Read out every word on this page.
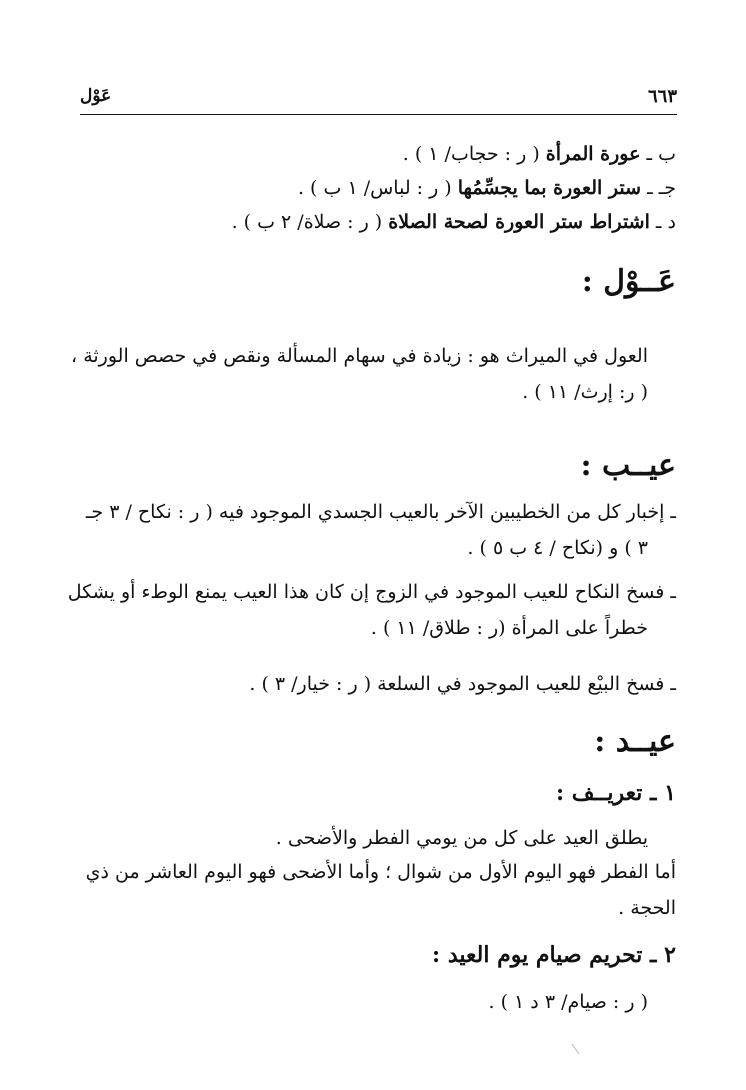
٦٦٣
عَوْل
ب ـ عورة المرأة ( ر : حجاب/ ١ ) .
جـ ـ ستر العورة بما يجسِّمُها ( ر : لباس/ ١ ب ) .
د ـ اشتراط ستر العورة لصحة الصلاة ( ر : صلاة/ ٢ ب ) .
عَــوْل :
العول في الميراث هو : زيادة في سهام المسألة ونقص في حصص الورثة ،
( ر: إرث/ ١١ ) .
عيــب :
ـ إخبار كل من الخطيبين الآخر بالعيب الجسدي الموجود فيه ( ر : نكاح / ٣ جـ
٣ ) و (نكاح / ٤ ب ٥ ) .
ـ فسخ النكاح للعيب الموجود في الزوج إن كان هذا العيب يمنع الوطء أو يشكل
خطراً على المرأة (ر : طلاق/ ١١ ) .
ـ فسخ البيْع للعيب الموجود في السلعة ( ر : خيار/ ٣ ) .
عيــد :
١ ـ تعريــف :
يطلق العيد على كل من يومي الفطر والأضحى .
أما الفطر فهو اليوم الأول من شوال ؛ وأما الأضحى فهو اليوم العاشر من ذي
الحجة .
٢ ـ تحريم صيام يوم العيد :
( ر : صيام/ ٣ د ١ ) .
